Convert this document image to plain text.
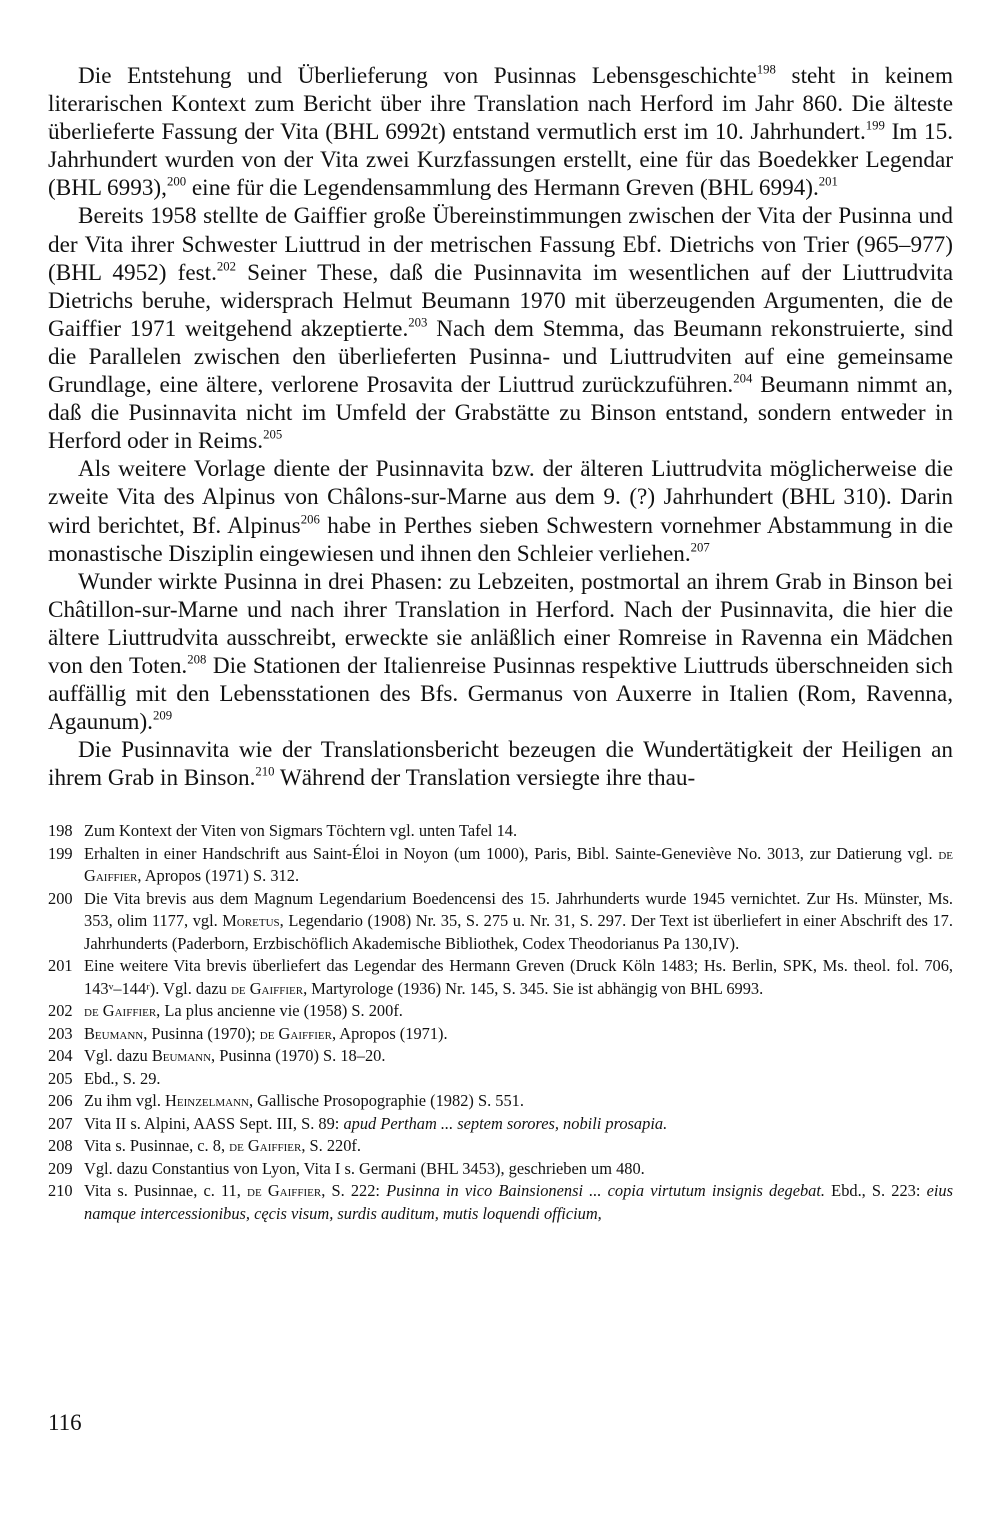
Die Entstehung und Überlieferung von Pusinnas Lebensgeschichte$^{198}$ steht in keinem literarischen Kontext zum Bericht über ihre Translation nach Herford im Jahr 860. Die älteste überlieferte Fassung der Vita (BHL 6992t) entstand vermutlich erst im 10. Jahrhundert.$^{199}$ Im 15. Jahrhundert wurden von der Vita zwei Kurzfassungen erstellt, eine für das Boedekker Legendar (BHL 6993),$^{200}$ eine für die Legendensammlung des Hermann Greven (BHL 6994).$^{201}$

Bereits 1958 stellte de Gaiffier große Übereinstimmungen zwischen der Vita der Pusinna und der Vita ihrer Schwester Liuttrud in der metrischen Fassung Ebf. Dietrichs von Trier (965–977) (BHL 4952) fest.$^{202}$ Seiner These, daß die Pusinnavita im wesentlichen auf der Liuttrudvita Dietrichs beruhe, widersprach Helmut Beumann 1970 mit überzeugenden Argumenten, die de Gaiffier 1971 weitgehend akzeptierte.$^{203}$ Nach dem Stemma, das Beumann rekonstruierte, sind die Parallelen zwischen den überlieferten Pusinna- und Liuttrudviten auf eine gemeinsame Grundlage, eine ältere, verlorene Prosavita der Liuttrud zurückzuführen.$^{204}$ Beumann nimmt an, daß die Pusinnavita nicht im Umfeld der Grabstätte zu Binson entstand, sondern entweder in Herford oder in Reims.$^{205}$

Als weitere Vorlage diente der Pusinnavita bzw. der älteren Liuttrudvita möglicherweise die zweite Vita des Alpinus von Châlons-sur-Marne aus dem 9. (?) Jahrhundert (BHL 310). Darin wird berichtet, Bf. Alpinus$^{206}$ habe in Perthes sieben Schwestern vornehmer Abstammung in die monastische Disziplin eingewiesen und ihnen den Schleier verliehen.$^{207}$

Wunder wirkte Pusinna in drei Phasen: zu Lebzeiten, postmortal an ihrem Grab in Binson bei Châtillon-sur-Marne und nach ihrer Translation in Herford. Nach der Pusinnavita, die hier die ältere Liuttrudvita ausschreibt, erweckte sie anläßlich einer Romreise in Ravenna ein Mädchen von den Toten.$^{208}$ Die Stationen der Italienreise Pusinnas respektive Liuttruds überschneiden sich auffällig mit den Lebensstationen des Bfs. Germanus von Auxerre in Italien (Rom, Ravenna, Agaunum).$^{209}$

Die Pusinnavita wie der Translationsbericht bezeugen die Wundertätigkeit der Heiligen an ihrem Grab in Binson.$^{210}$ Während der Translation versiegte ihre thau-

198 Zum Kontext der Viten von Sigmars Töchtern vgl. unten Tafel 14.
199 Erhalten in einer Handschrift aus Saint-Éloi in Noyon (um 1000), Paris, Bibl. Sainte-Geneviève No. 3013, zur Datierung vgl. de Gaiffier, Apropos (1971) S. 312.
200 Die Vita brevis aus dem Magnum Legendarium Boedencensi des 15. Jahrhunderts wurde 1945 vernichtet. Zur Hs. Münster, Ms. 353, olim 1177, vgl. Moretus, Legendario (1908) Nr. 35, S. 275 u. Nr. 31, S. 297. Der Text ist überliefert in einer Abschrift des 17. Jahrhunderts (Paderborn, Erzbischöflich Akademische Bibliothek, Codex Theodorianus Pa 130,IV).
201 Eine weitere Vita brevis überliefert das Legendar des Hermann Greven (Druck Köln 1483; Hs. Berlin, SPK, Ms. theol. fol. 706, 143ᵛ–144ʳ). Vgl. dazu de Gaiffier, Martyrologe (1936) Nr. 145, S. 345. Sie ist abhängig von BHL 6993.
202 de Gaiffier, La plus ancienne vie (1958) S. 200f.
203 Beumann, Pusinna (1970); de Gaiffier, Apropos (1971).
204 Vgl. dazu Beumann, Pusinna (1970) S. 18–20.
205 Ebd., S. 29.
206 Zu ihm vgl. Heinzelmann, Gallische Prosopographie (1982) S. 551.
207 Vita II s. Alpini, AASS Sept. III, S. 89: apud Pertham ... septem sorores, nobili prosapia.
208 Vita s. Pusinnae, c. 8, de Gaiffier, S. 220f.
209 Vgl. dazu Constantius von Lyon, Vita I s. Germani (BHL 3453), geschrieben um 480.
210 Vita s. Pusinnae, c. 11, de Gaiffier, S. 222: Pusinna in vico Bainsionensi ... copia virtutum insignis degebat. Ebd., S. 223: eius namque intercessionibus, cęcis visum, surdis auditum, mutis loquendi officium,
116
